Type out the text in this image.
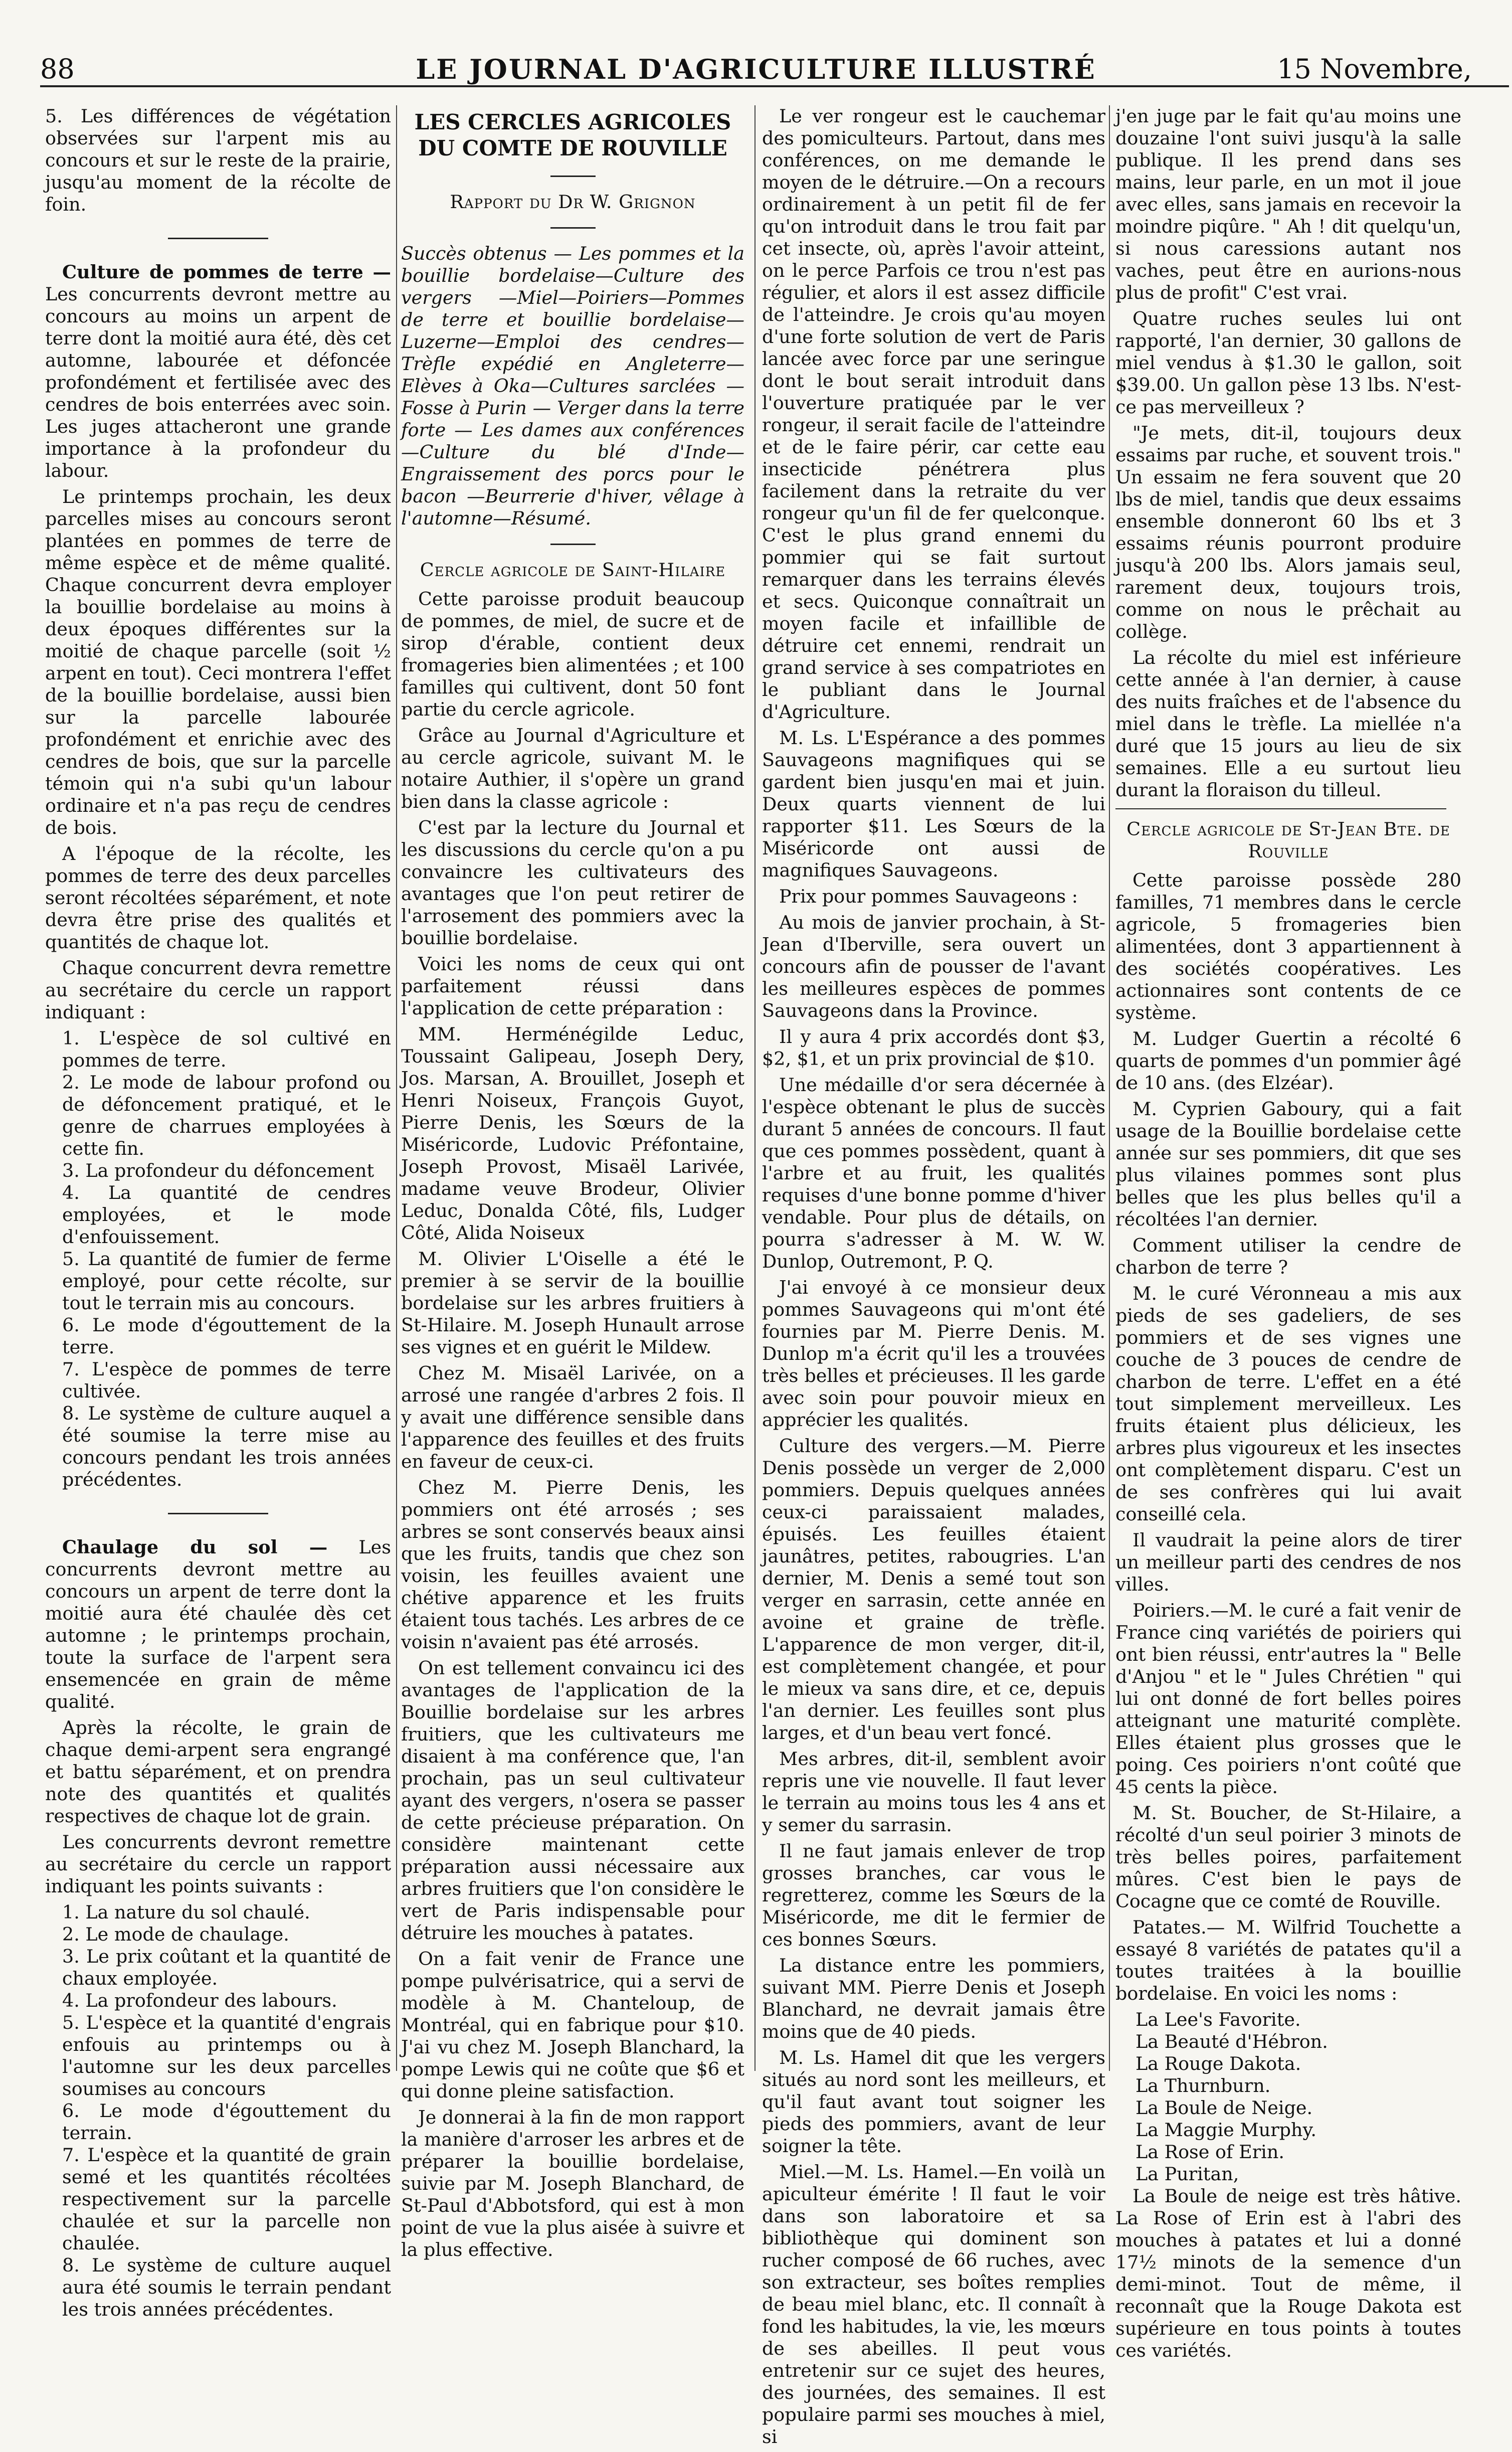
88	LE JOURNAL D'AGRICULTURE ILLUSTRÉ	15 Novembre,

5. Les différences de végétation observées sur l'arpent mis au concours et sur le reste de la prairie, jusqu'au moment de la récolte de foin.

Culture de pommes de terre — Les concurrents devront mettre au concours au moins un arpent de terre dont la moitié aura été, dès cet automne, labourée et défoncée profondément et fertilisée avec des cendres de bois enterrées avec soin. Les juges attacheront une grande importance à la profondeur du labour.

Le printemps prochain, les deux parcelles mises au concours seront plantées en pommes de terre de même espèce et de même qualité. Chaque concurrent devra employer la bouillie bordelaise au moins à deux époques différentes sur la moitié de chaque parcelle (soit ½ arpent en tout). Ceci montrera l'effet de la bouillie bordelaise, aussi bien sur la parcelle labourée profondément et enrichie avec des cendres de bois, que sur la parcelle témoin qui n'a subi qu'un labour ordinaire et n'a pas reçu de cendres de bois.

A l'époque de la récolte, les pommes de terre des deux parcelles seront récoltées séparément, et note devra être prise des qualités et quantités de chaque lot.

Chaque concurrent devra remettre au secrétaire du cercle un rapport indiquant :

1. L'espèce de sol cultivé en pommes de terre.
2. Le mode de labour profond ou de défoncement pratiqué, et le genre de charrues employées à cette fin.
3. La profondeur du défoncement
4. La quantité de cendres employées, et le mode d'enfouissement.
5. La quantité de fumier de ferme employé, pour cette récolte, sur tout le terrain mis au concours.
6. Le mode d'égouttement de la terre.
7. L'espèce de pommes de terre cultivée.
8. Le système de culture auquel a été soumise la terre mise au concours pendant les trois années précédentes.

Chaulage du sol — Les concurrents devront mettre au concours un arpent de terre dont la moitié aura été chaulée dès cet automne ; le printemps prochain, toute la surface de l'arpent sera ensemencée en grain de même qualité.

Après la récolte, le grain de chaque demi-arpent sera engrangé et battu séparément, et on prendra note des quantités et qualités respectives de chaque lot de grain.

Les concurrents devront remettre au secrétaire du cercle un rapport indiquant les points suivants :

1. La nature du sol chaulé.
2. Le mode de chaulage.
3. Le prix coûtant et la quantité de chaux employée.
4. La profondeur des labours.
5. L'espèce et la quantité d'engrais enfouis au printemps ou à l'automne sur les deux parcelles soumises au concours
6. Le mode d'égouttement du terrain.
7. L'espèce et la quantité de grain semé et les quantités récoltées respectivement sur la parcelle chaulée et sur la parcelle non chaulée.
8. Le système de culture auquel aura été soumis le terrain pendant les trois années précédentes.
LES CERCLES AGRICOLES DU COMTE DE ROUVILLE
Rapport du Dr W. Grignon

Succès obtenus — Les pommes et la bouillie bordelaise—Culture des vergers —Miel—Poiriers—Pommes de terre et bouillie bordelaise—Luzerne—Emploi des cendres— Trèfle expédié en Angleterre—Elèves à Oka—Cultures sarclées — Fosse à Purin — Verger dans la terre forte — Les dames aux conférences—Culture du blé d'Inde—Engraissement des porcs pour le bacon —Beurrerie d'hiver, vêlage à l'automne—Résumé.

Cercle agricole de Saint-Hilaire

Cette paroisse produit beaucoup de pommes, de miel, de sucre et de sirop d'érable, contient deux fromageries bien alimentées ; et 100 familles qui cultivent, dont 50 font partie du cercle agricole.

Grâce au Journal d'Agriculture et au cercle agricole, suivant M. le notaire Authier, il s'opère un grand bien dans la classe agricole :

C'est par la lecture du Journal et les discussions du cercle qu'on a pu convaincre les cultivateurs des avantages que l'on peut retirer de l'arrosement des pommiers avec la bouillie bordelaise.

Voici les noms de ceux qui ont parfaitement réussi dans l'application de cette préparation :

MM. Herménégilde Leduc, Toussaint Galipeau, Joseph Dery, Jos. Marsan, A. Brouillet, Joseph et Henri Noiseux, François Guyot, Pierre Denis, les Sœurs de la Miséricorde, Ludovic Préfontaine, Joseph Provost, Misaël Larivée, madame veuve Brodeur, Olivier Leduc, Donalda Côté, fils, Ludger Côté, Alida Noiseux

M. Olivier L'Oiselle a été le premier à se servir de la bouillie bordelaise sur les arbres fruitiers à St-Hilaire. M. Joseph Hunault arrose ses vignes et en guérit le Mildew.

Chez M. Misaël Larivée, on a arrosé une rangée d'arbres 2 fois. Il y avait une différence sensible dans l'apparence des feuilles et des fruits en faveur de ceux-ci.

Chez M. Pierre Denis, les pommiers ont été arrosés ; ses arbres se sont conservés beaux ainsi que les fruits, tandis que chez son voisin, les feuilles avaient une chétive apparence et les fruits étaient tous tachés. Les arbres de ce voisin n'avaient pas été arrosés.

On est tellement convaincu ici des avantages de l'application de la Bouillie bordelaise sur les arbres fruitiers, que les cultivateurs me disaient à ma conférence que, l'an prochain, pas un seul cultivateur ayant des vergers, n'osera se passer de cette précieuse préparation. On considère maintenant cette préparation aussi nécessaire aux arbres fruitiers que l'on considère le vert de Paris indispensable pour détruire les mouches à patates.

On a fait venir de France une pompe pulvérisatrice, qui a servi de modèle à M. Chanteloup, de Montréal, qui en fabrique pour $10. J'ai vu chez M. Joseph Blanchard, la pompe Lewis qui ne coûte que $6 et qui donne pleine satisfaction.

Je donnerai à la fin de mon rapport la manière d'arroser les arbres et de préparer la bouillie bordelaise, suivie par M. Joseph Blanchard, de St-Paul d'Abbotsford, qui est à mon point de vue la plus aisée à suivre et la plus effective.

Le ver rongeur est le cauchemar des pomiculteurs. Partout, dans mes conférences, on me demande le moyen de le détruire.—On a recours ordinairement à un petit fil de fer qu'on introduit dans le trou fait par cet insecte, où, après l'avoir atteint, on le perce Parfois ce trou n'est pas régulier, et alors il est assez difficile de l'atteindre. Je crois qu'au moyen d'une forte solution de vert de Paris lancée avec force par une seringue dont le bout serait introduit dans l'ouverture pratiquée par le ver rongeur, il serait facile de l'atteindre et de le faire périr, car cette eau insecticide pénétrera plus facilement dans la retraite du ver rongeur qu'un fil de fer quelconque. C'est le plus grand ennemi du pommier qui se fait surtout remarquer dans les terrains élevés et secs. Quiconque connaîtrait un moyen facile et infaillible de détruire cet ennemi, rendrait un grand service à ses compatriotes en le publiant dans le Journal d'Agriculture.

M. Ls. L'Espérance a des pommes Sauvageons magnifiques qui se gardent bien jusqu'en mai et juin. Deux quarts viennent de lui rapporter $11. Les Sœurs de la Miséricorde ont aussi de magnifiques Sauvageons.

Prix pour pommes Sauvageons :

Au mois de janvier prochain, à St-Jean d'Iberville, sera ouvert un concours afin de pousser de l'avant les meilleures espèces de pommes Sauvageons dans la Province.

Il y aura 4 prix accordés dont $3, $2, $1, et un prix provincial de $10.

Une médaille d'or sera décernée à l'espèce obtenant le plus de succès durant 5 années de concours. Il faut que ces pommes possèdent, quant à l'arbre et au fruit, les qualités requises d'une bonne pomme d'hiver vendable. Pour plus de détails, on pourra s'adresser à M. W. W. Dunlop, Outremont, P. Q.

J'ai envoyé à ce monsieur deux pommes Sauvageons qui m'ont été fournies par M. Pierre Denis. M. Dunlop m'a écrit qu'il les a trouvées très belles et précieuses. Il les garde avec soin pour pouvoir mieux en apprécier les qualités.

Culture des vergers.—M. Pierre Denis possède un verger de 2,000 pommiers. Depuis quelques années ceux-ci paraissaient malades, épuisés. Les feuilles étaient jaunâtres, petites, rabougries. L'an dernier, M. Denis a semé tout son verger en sarrasin, cette année en avoine et graine de trèfle. L'apparence de mon verger, dit-il, est complètement changée, et pour le mieux va sans dire, et ce, depuis l'an dernier. Les feuilles sont plus larges, et d'un beau vert foncé.

Mes arbres, dit-il, semblent avoir repris une vie nouvelle. Il faut lever le terrain au moins tous les 4 ans et y semer du sarrasin.

Il ne faut jamais enlever de trop grosses branches, car vous le regretterez, comme les Sœurs de la Miséricorde, me dit le fermier de ces bonnes Sœurs.

La distance entre les pommiers, suivant MM. Pierre Denis et Joseph Blanchard, ne devrait jamais être moins que de 40 pieds.

M. Ls. Hamel dit que les vergers situés au nord sont les meilleurs, et qu'il faut avant tout soigner les pieds des pommiers, avant de leur soigner la tête.

Miel.—M. Ls. Hamel.—En voilà un apiculteur émérite ! Il faut le voir dans son laboratoire et sa bibliothèque qui dominent son rucher composé de 66 ruches, avec son extracteur, ses boîtes remplies de beau miel blanc, etc. Il connaît à fond les habitudes, la vie, les mœurs de ses abeilles. Il peut vous entretenir sur ce sujet des heures, des journées, des semaines. Il est populaire parmi ses mouches à miel, si

j'en juge par le fait qu'au moins une douzaine l'ont suivi jusqu'à la salle publique. Il les prend dans ses mains, leur parle, en un mot il joue avec elles, sans jamais en recevoir la moindre piqûre. " Ah ! dit quelqu'un, si nous caressions autant nos vaches, peut être en aurions-nous plus de profit" C'est vrai.

Quatre ruches seules lui ont rapporté, l'an dernier, 30 gallons de miel vendus à $1.30 le gallon, soit $39.00. Un gallon pèse 13 lbs. N'est-ce pas merveilleux ?

"Je mets, dit-il, toujours deux essaims par ruche, et souvent trois." Un essaim ne fera souvent que 20 lbs de miel, tandis que deux essaims ensemble donneront 60 lbs et 3 essaims réunis pourront produire jusqu'à 200 lbs. Alors jamais seul, rarement deux, toujours trois, comme on nous le prêchait au collège.

La récolte du miel est inférieure cette année à l'an dernier, à cause des nuits fraîches et de l'absence du miel dans le trèfle. La miellée n'a duré que 15 jours au lieu de six semaines. Elle a eu surtout lieu durant la floraison du tilleul.

Cercle agricole de St-Jean Bte. de Rouville

Cette paroisse possède 280 familles, 71 membres dans le cercle agricole, 5 fromageries bien alimentées, dont 3 appartiennent à des sociétés coopératives. Les actionnaires sont contents de ce système.

M. Ludger Guertin a récolté 6 quarts de pommes d'un pommier âgé de 10 ans. (des Elzéar).

M. Cyprien Gaboury, qui a fait usage de la Bouillie bordelaise cette année sur ses pommiers, dit que ses plus vilaines pommes sont plus belles que les plus belles qu'il a récoltées l'an dernier.

Comment utiliser la cendre de charbon de terre ?

M. le curé Véronneau a mis aux pieds de ses gadeliers, de ses pommiers et de ses vignes une couche de 3 pouces de cendre de charbon de terre. L'effet en a été tout simplement merveilleux. Les fruits étaient plus délicieux, les arbres plus vigoureux et les insectes ont complètement disparu. C'est un de ses confrères qui lui avait conseillé cela.

Il vaudrait la peine alors de tirer un meilleur parti des cendres de nos villes.

Poiriers.—M. le curé a fait venir de France cinq variétés de poiriers qui ont bien réussi, entr'autres la " Belle d'Anjou " et le " Jules Chrétien " qui lui ont donné de fort belles poires atteignant une maturité complète. Elles étaient plus grosses que le poing. Ces poiriers n'ont coûté que 45 cents la pièce.

M. St. Boucher, de St-Hilaire, a récolté d'un seul poirier 3 minots de très belles poires, parfaitement mûres. C'est bien le pays de Cocagne que ce comté de Rouville.

Patates.— M. Wilfrid Touchette a essayé 8 variétés de patates qu'il a toutes traitées à la bouillie bordelaise. En voici les noms :

La Lee's Favorite.
La Beauté d'Hébron.
La Rouge Dakota.
La Thurnburn.
La Boule de Neige.
La Maggie Murphy.
La Rose of Erin.
La Puritan,

La Boule de neige est très hâtive. La Rose of Erin est à l'abri des mouches à patates et lui a donné 17½ minots de la semence d'un demi-minot. Tout de même, il reconnaît que la Rouge Dakota est supérieure en tous points à toutes ces variétés.
